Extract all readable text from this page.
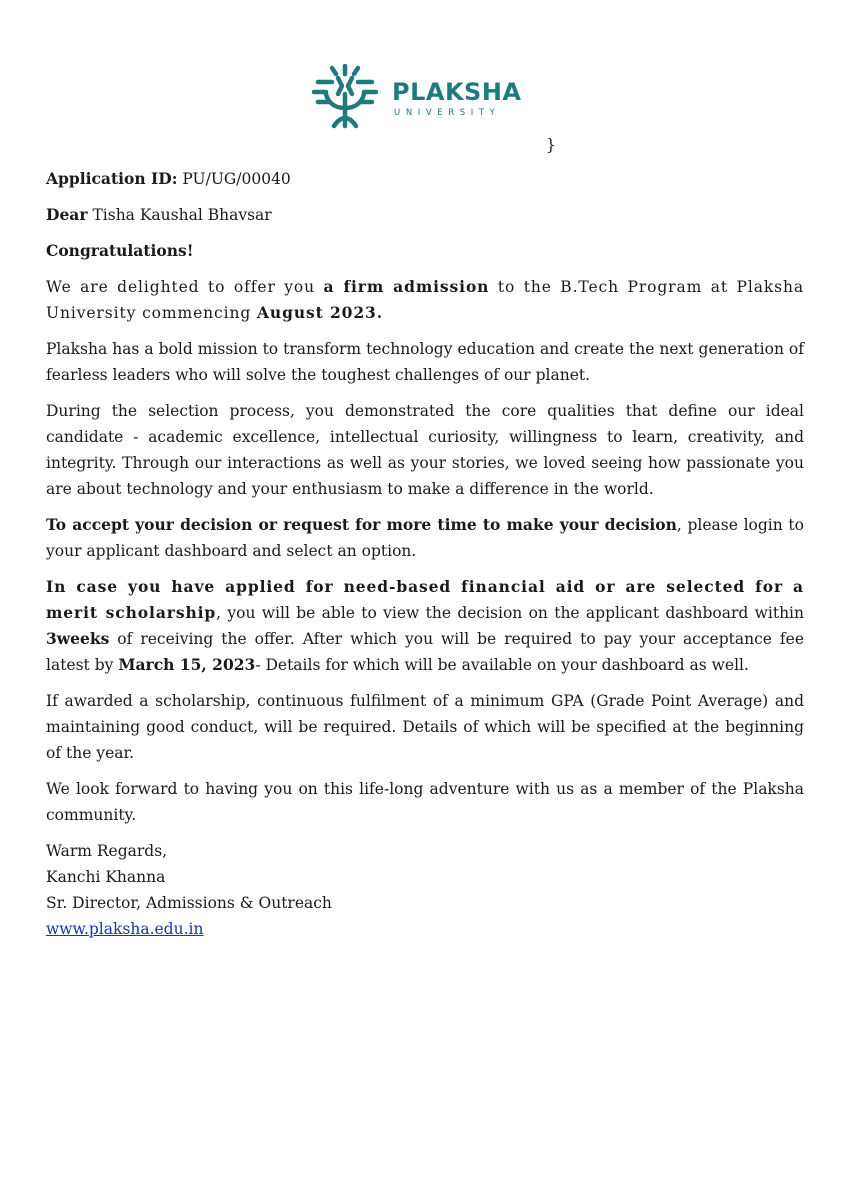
PLAKSHA
UNIVERSITY
}

Application ID: PU/UG/00040

Dear Tisha Kaushal Bhavsar

Congratulations!

We are delighted to offer you a firm admission to the B.Tech Program at Plaksha University commencing August 2023.

Plaksha has a bold mission to transform technology education and create the next generation of fearless leaders who will solve the toughest challenges of our planet.

During the selection process, you demonstrated the core qualities that define our ideal candidate - academic excellence, intellectual curiosity, willingness to learn, creativity, and integrity. Through our interactions as well as your stories, we loved seeing how passionate you are about technology and your enthusiasm to make a difference in the world.

To accept your decision or request for more time to make your decision, please login to your applicant dashboard and select an option.

In case you have applied for need-based financial aid or are selected for a merit scholarship, you will be able to view the decision on the applicant dashboard within 3weeks of receiving the offer. After which you will be required to pay your acceptance fee latest by March 15, 2023- Details for which will be available on your dashboard as well.

If awarded a scholarship, continuous fulfilment of a minimum GPA (Grade Point Average) and maintaining good conduct, will be required. Details of which will be specified at the beginning of the year.

We look forward to having you on this life-long adventure with us as a member of the Plaksha community.

Warm Regards,
Kanchi Khanna
Sr. Director, Admissions & Outreach
www.plaksha.edu.in
